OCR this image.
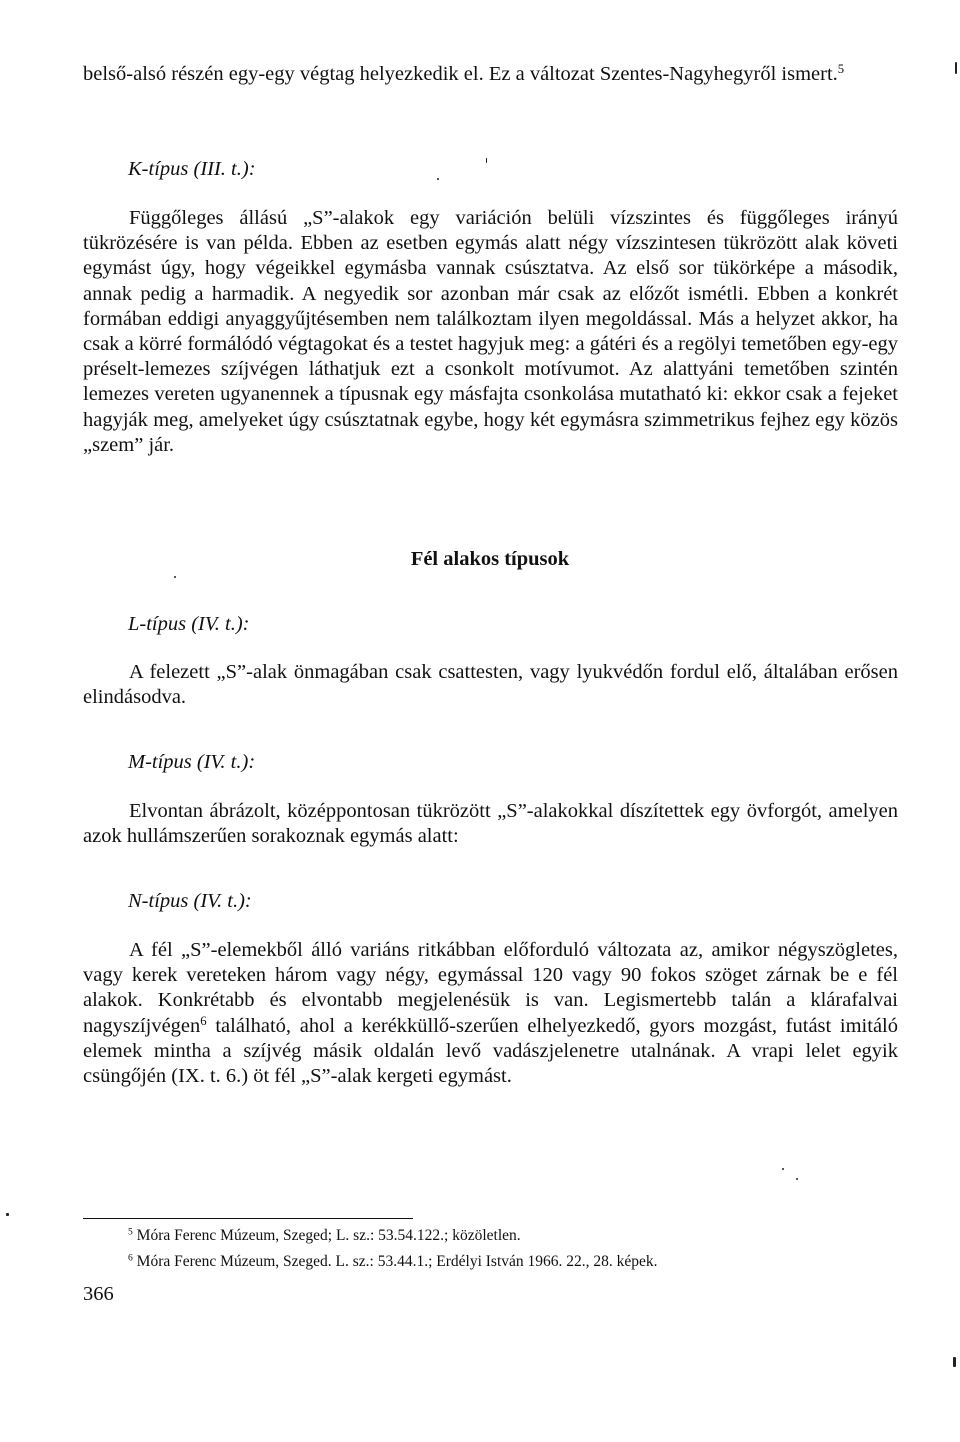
belső-alsó részén egy-egy végtag helyezkedik el. Ez a változat Szentes-Nagyhegyről ismert.$^5$

K-típus (III. t.):

Függőleges állású „S”-alakok egy variáción belüli vízszintes és függőleges irányú tükrözésére is van példa. Ebben az esetben egymás alatt négy vízszintesen tükrözött alak követi egymást úgy, hogy végeikkel egymásba vannak csúsztatva. Az első sor tükörképe a második, annak pedig a harmadik. A negyedik sor azonban már csak az előzőt ismétli. Ebben a konkrét formában eddigi anyaggyűjtésemben nem találkoztam ilyen megoldással. Más a helyzet akkor, ha csak a körré formálódó végtagokat és a testet hagyjuk meg: a gátéri és a regölyi temetőben egy-egy préselt-lemezes szíjvégen láthatjuk ezt a csonkolt motívumot. Az alattyáni temetőben szintén lemezes vereten ugyanennek a típusnak egy másfajta csonkolása mutatható ki: ekkor csak a fejeket hagyják meg, amelyeket úgy csúsztatnak egybe, hogy két egymásra szimmetrikus fejhez egy közös „szem” jár.

Fél alakos típusok

L-típus (IV. t.):

A felezett „S”-alak önmagában csak csattesten, vagy lyukvédőn fordul elő, általában erősen elindásodva.

M-típus (IV. t.):

Elvontan ábrázolt, középpontosan tükrözött „S”-alakokkal díszítettek egy övforgót, amelyen azok hullámszerűen sorakoznak egymás alatt:

N-típus (IV. t.):

A fél „S”-elemekből álló variáns ritkábban előforduló változata az, amikor négyszögletes, vagy kerek vereteken három vagy négy, egymással 120 vagy 90 fokos szöget zárnak be e fél alakok. Konkrétabb és elvontabb megjelenésük is van. Legismertebb talán a klárafalvai nagyszíjvégen$^6$ található, ahol a kerékküllő-szerűen elhelyezkedő, gyors mozgást, futást imitáló elemek mintha a szíjvég másik oldalán levő vadászjelenetre utalnának. A vrapi lelet egyik csüngőjén (IX. t. 6.) öt fél „S”-alak kergeti egymást.

$^5$ Móra Ferenc Múzeum, Szeged; L. sz.: 53.54.122.; közöletlen.

$^6$ Móra Ferenc Múzeum, Szeged. L. sz.: 53.44.1.; Erdélyi István 1966. 22., 28. képek.

366
